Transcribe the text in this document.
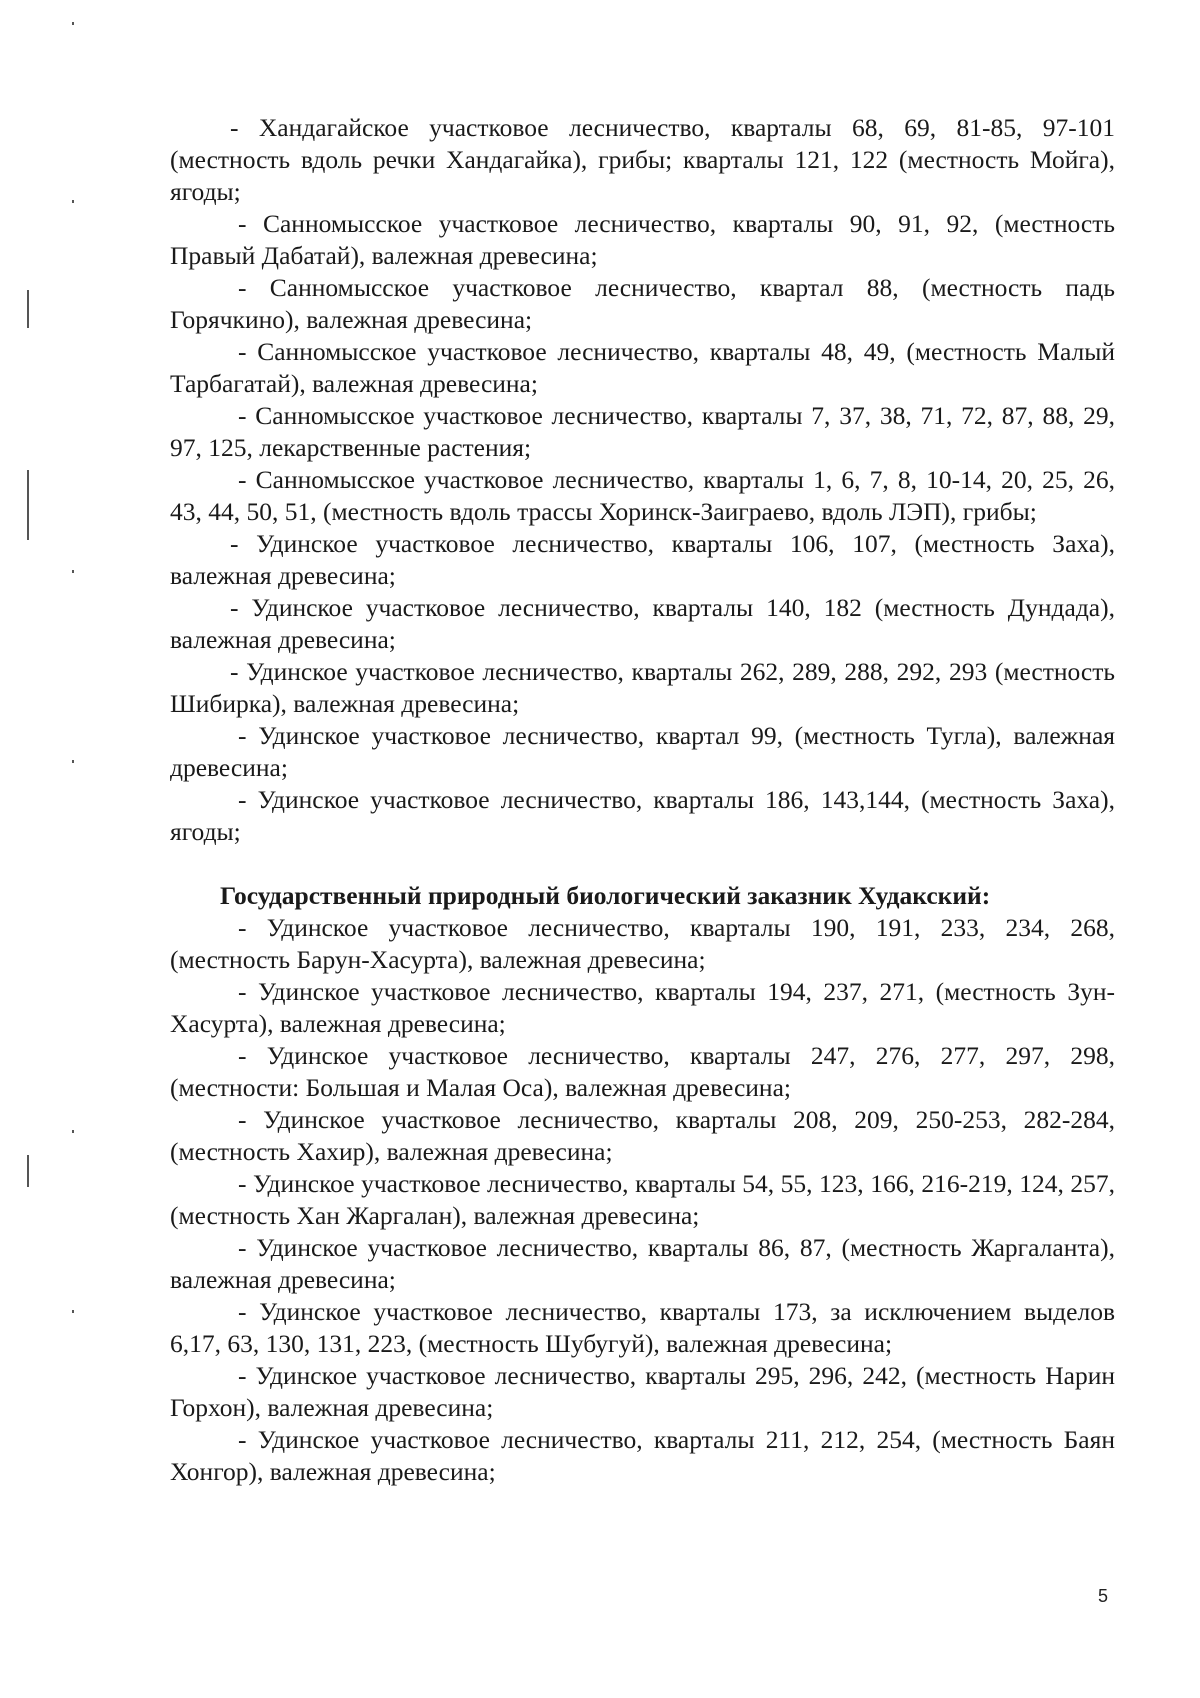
- Хандагайское участковое лесничество, кварталы 68, 69, 81-85, 97-101 (местность вдоль речки Хандагайка), грибы; кварталы 121, 122 (местность Мойга), ягоды;

- Санномысское участковое лесничество, кварталы 90, 91, 92, (местность Правый Дабатай), валежная древесина;

- Санномысское участковое лесничество, квартал 88, (местность падь Горячкино), валежная древесина;

- Санномысское участковое лесничество, кварталы 48, 49, (местность Малый Тарбагатай), валежная древесина;

- Санномысское участковое лесничество, кварталы 7, 37, 38, 71, 72, 87, 88, 29, 97, 125, лекарственные растения;

- Санномысское участковое лесничество, кварталы 1, 6, 7, 8, 10-14, 20, 25, 26, 43, 44, 50, 51, (местность вдоль трассы Хоринск-Заиграево, вдоль ЛЭП), грибы;

- Удинское участковое лесничество, кварталы 106, 107, (местность Заха), валежная древесина;

- Удинское участковое лесничество, кварталы 140, 182 (местность Дундада), валежная древесина;

- Удинское участковое лесничество, кварталы 262, 289, 288, 292, 293 (местность Шибирка), валежная древесина;

- Удинское участковое лесничество, квартал 99, (местность Тугла), валежная древесина;

- Удинское участковое лесничество, кварталы 186, 143,144, (местность Заха), ягоды;

Государственный природный биологический заказник Худакский:

- Удинское участковое лесничество, кварталы 190, 191, 233, 234, 268, (местность Барун-Хасурта), валежная древесина;

- Удинское участковое лесничество, кварталы 194, 237, 271, (местность Зун-Хасурта), валежная древесина;

- Удинское участковое лесничество, кварталы 247, 276, 277, 297, 298, (местности: Большая и Малая Оса), валежная древесина;

- Удинское участковое лесничество, кварталы 208, 209, 250-253, 282-284, (местность Хахир), валежная древесина;

- Удинское участковое лесничество, кварталы 54, 55, 123, 166, 216-219, 124, 257, (местность Хан Жаргалан), валежная древесина;

- Удинское участковое лесничество, кварталы 86, 87, (местность Жаргаланта), валежная древесина;

- Удинское участковое лесничество, кварталы 173, за исключением выделов 6,17, 63, 130, 131, 223, (местность Шубугуй), валежная древесина;

- Удинское участковое лесничество, кварталы 295, 296, 242, (местность Нарин Горхон), валежная древесина;

- Удинское участковое лесничество, кварталы 211, 212, 254, (местность Баян Хонгор), валежная древесина;

5
